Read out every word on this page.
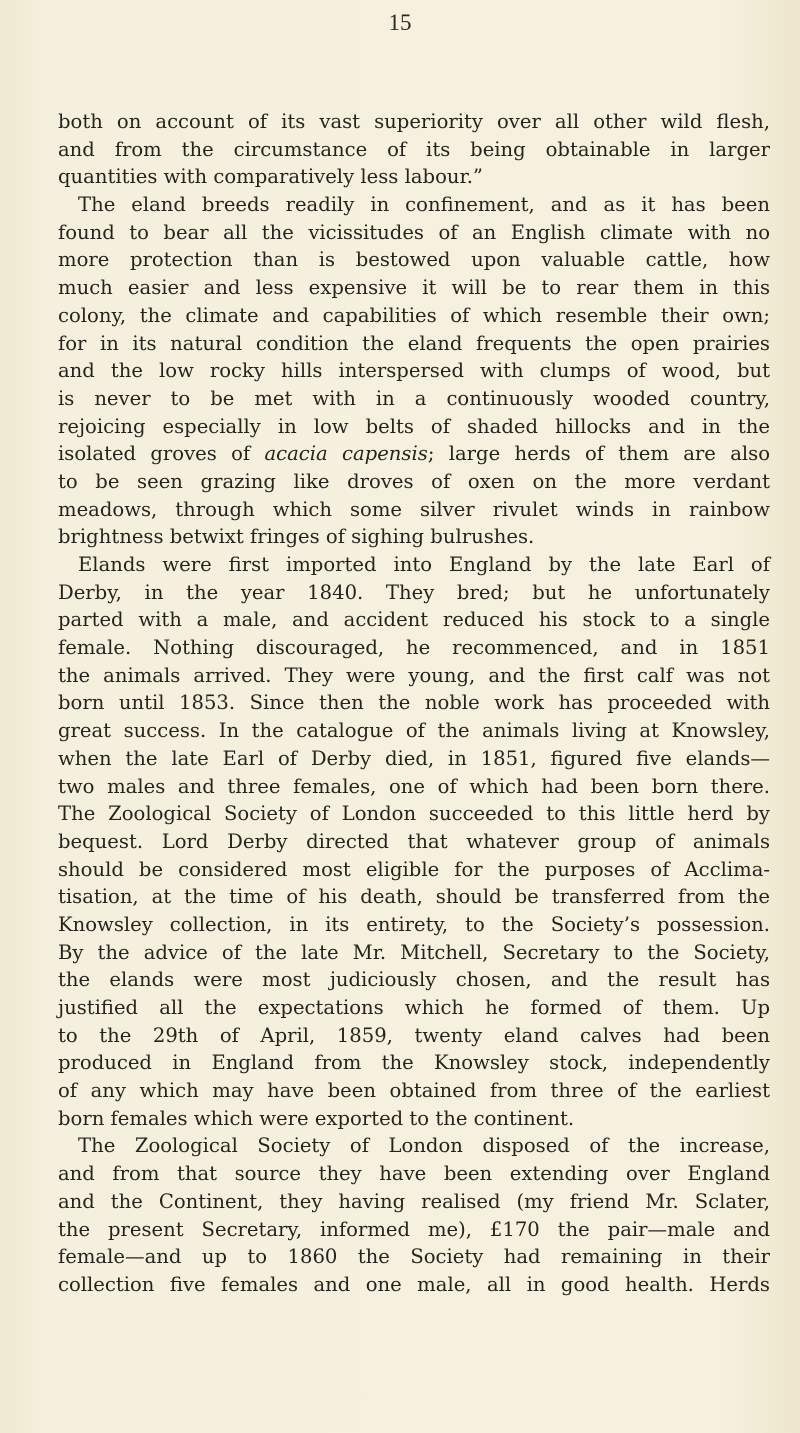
15
both on account of its vast superiority over all other wild flesh,
and from the circumstance of its being obtainable in larger
quantities with comparatively less labour.”
The eland breeds readily in confinement, and as it has been
found to bear all the vicissitudes of an English climate with no
more protection than is bestowed upon valuable cattle, how
much easier and less expensive it will be to rear them in this
colony, the climate and capabilities of which resemble their own;
for in its natural condition the eland frequents the open prairies
and the low rocky hills interspersed with clumps of wood, but
is never to be met with in a continuously wooded country,
rejoicing especially in low belts of shaded hillocks and in the
isolated groves of acacia capensis; large herds of them are also
to be seen grazing like droves of oxen on the more verdant
meadows, through which some silver rivulet winds in rainbow
brightness betwixt fringes of sighing bulrushes.
Elands were first imported into England by the late Earl of
Derby, in the year 1840. They bred; but he unfortunately
parted with a male, and accident reduced his stock to a single
female. Nothing discouraged, he recommenced, and in 1851
the animals arrived. They were young, and the first calf was not
born until 1853. Since then the noble work has proceeded with
great success. In the catalogue of the animals living at Knowsley,
when the late Earl of Derby died, in 1851, figured five elands—
two males and three females, one of which had been born there.
The Zoological Society of London succeeded to this little herd by
bequest. Lord Derby directed that whatever group of animals
should be considered most eligible for the purposes of Acclima-
tisation, at the time of his death, should be transferred from the
Knowsley collection, in its entirety, to the Society’s possession.
By the advice of the late Mr. Mitchell, Secretary to the Society,
the elands were most judiciously chosen, and the result has
justified all the expectations which he formed of them. Up
to the 29th of April, 1859, twenty eland calves had been
produced in England from the Knowsley stock, independently
of any which may have been obtained from three of the earliest
born females which were exported to the continent.
The Zoological Society of London disposed of the increase,
and from that source they have been extending over England
and the Continent, they having realised (my friend Mr. Sclater,
the present Secretary, informed me), £170 the pair—male and
female—and up to 1860 the Society had remaining in their
collection five females and one male, all in good health. Herds
